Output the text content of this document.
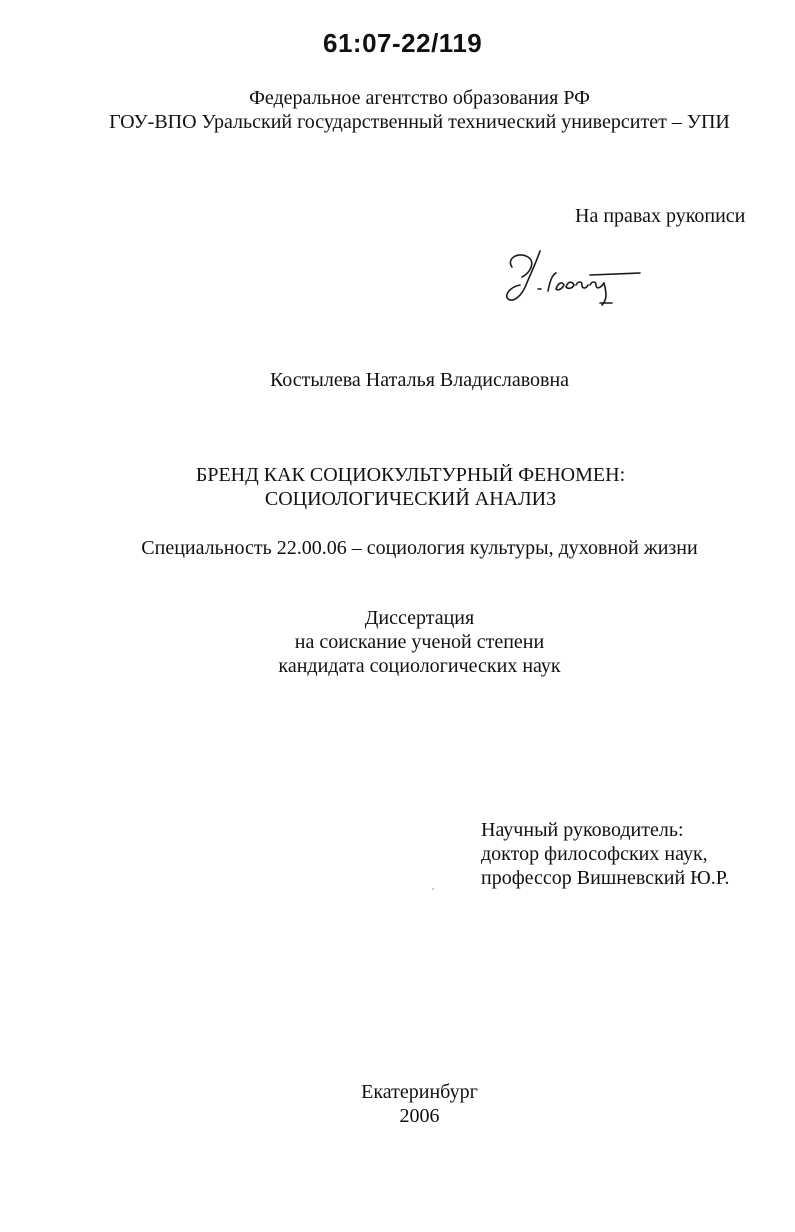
61:07-22/119
Федеральное агентство образования РФ
ГОУ-ВПО Уральский государственный технический университет – УПИ
На правах рукописи
Костылева Наталья Владиславовна
БРЕНД КАК СОЦИОКУЛЬТУРНЫЙ ФЕНОМЕН:
СОЦИОЛОГИЧЕСКИЙ АНАЛИЗ
Специальность 22.00.06 – социология культуры, духовной жизни
Диссертация
на соискание ученой степени
кандидата социологических наук
Научный руководитель:
доктор философских наук,
профессор Вишневский Ю.Р.
Екатеринбург
2006
